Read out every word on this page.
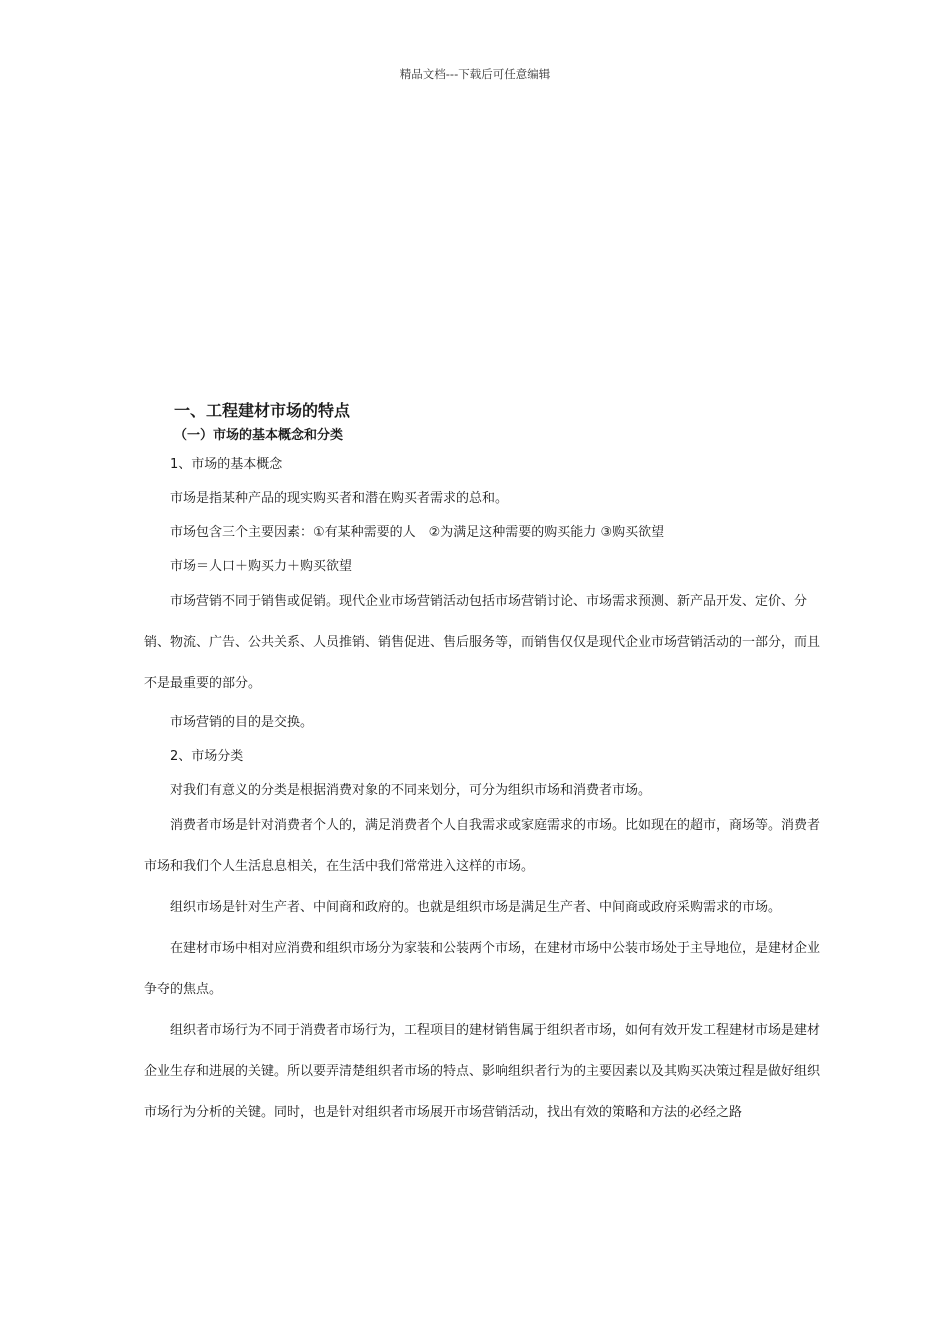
精品文档---下载后可任意编辑
一、工程建材市场的特点
（一）市场的基本概念和分类

1、市场的基本概念

市场是指某种产品的现实购买者和潜在购买者需求的总和。

市场包含三个主要因素：①有某种需要的人　②为满足这种需要的购买能力 ③购买欲望

市场＝人口＋购买力＋购买欲望

市场营销不同于销售或促销。现代企业市场营销活动包括市场营销讨论、市场需求预测、新产品开发、定价、分销、物流、广告、公共关系、人员推销、销售促进、售后服务等，而销售仅仅是现代企业市场营销活动的一部分，而且不是最重要的部分。

市场营销的目的是交换。

2、市场分类

对我们有意义的分类是根据消费对象的不同来划分，可分为组织市场和消费者市场。

消费者市场是针对消费者个人的，满足消费者个人自我需求或家庭需求的市场。比如现在的超市，商场等。消费者市场和我们个人生活息息相关，在生活中我们常常进入这样的市场。

组织市场是针对生产者、中间商和政府的。也就是组织市场是满足生产者、中间商或政府采购需求的市场。

在建材市场中相对应消费和组织市场分为家装和公装两个市场，在建材市场中公装市场处于主导地位，是建材企业争夺的焦点。

组织者市场行为不同于消费者市场行为，工程项目的建材销售属于组织者市场，如何有效开发工程建材市场是建材企业生存和进展的关键。所以要弄清楚组织者市场的特点、影响组织者行为的主要因素以及其购买决策过程是做好组织市场行为分析的关键。同时，也是针对组织者市场展开市场营销活动，找出有效的策略和方法的必经之路
